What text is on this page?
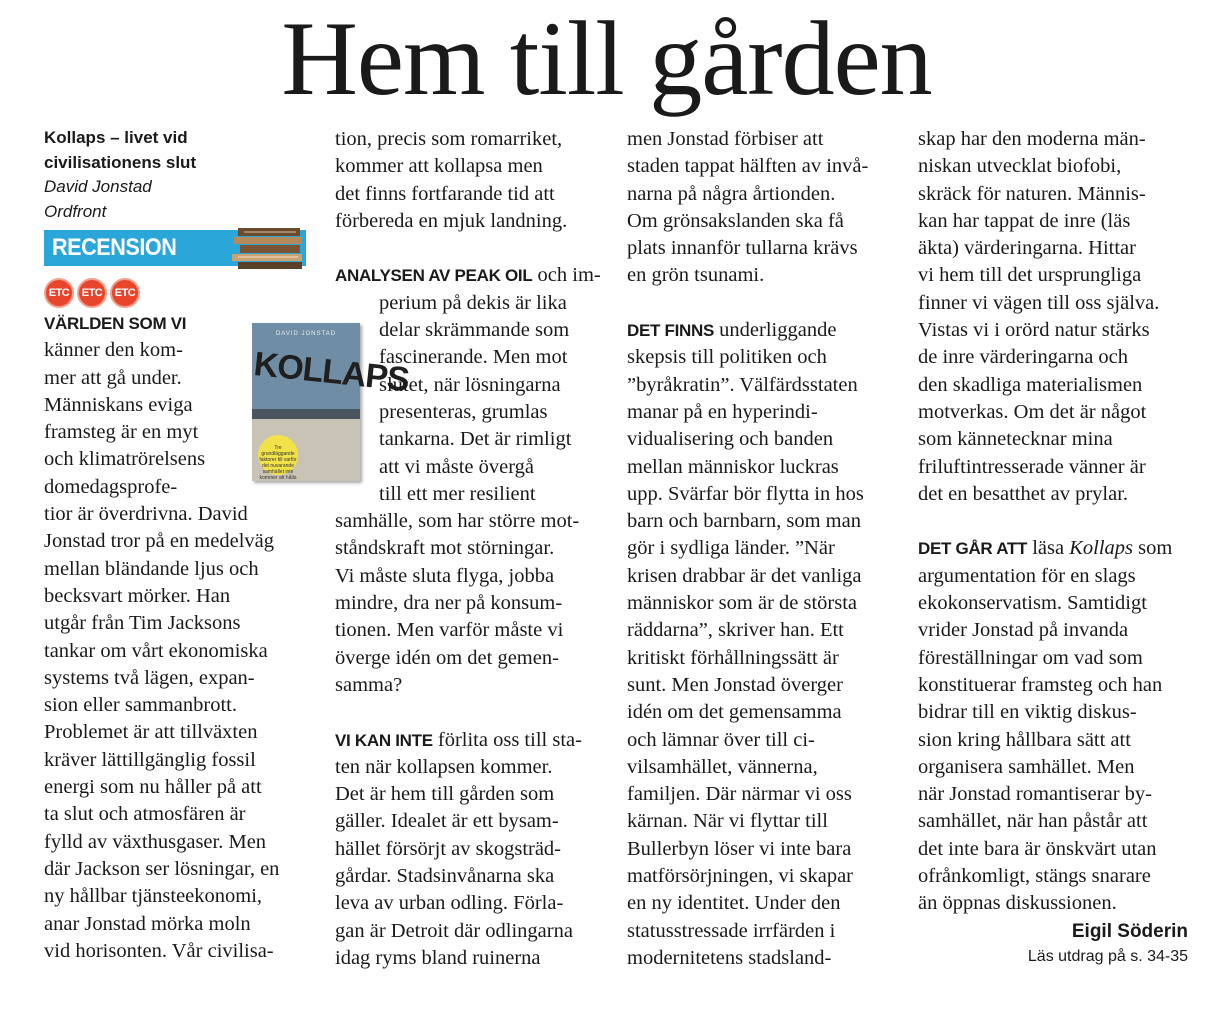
Hem till gården
Kollaps – livet vid
civilisationens slut
David Jonstad
Ordfront
RECENSION
ETC	ETC	ETC
VÄRLDEN SOM VI
känner den kom-
mer att gå under.
Människans eviga
framsteg är en myt
och klimatrörelsens
domedagsprofe-
tior är överdrivna. David
Jonstad tror på en medelväg
mellan bländande ljus och
becksvart mörker. Han
utgår från Tim Jacksons
tankar om vårt ekonomiska
systems två lägen, expan-
sion eller sammanbrott.
Problemet är att tillväxten
kräver lättillgänglig fossil
energi som nu håller på att
ta slut och atmosfären är
fylld av växthusgaser. Men
där Jackson ser lösningar, en
ny hållbar tjänsteekonomi,
anar Jonstad mörka moln
vid horisonten. Vår civilisa-
DAVID JONSTAD
KOLLAPS
Tre grundläggande faktorer till varför det nuvarande samhället inte kommer att hålla
tion, precis som romarriket,
kommer att kollapsa men
det finns fortfarande tid att
förbereda en mjuk landning.
ANALYSEN AV PEAK OIL och im-
perium på dekis är lika
delar skrämmande som
fascinerande. Men mot
slutet, när lösningarna
presenteras, grumlas
tankarna. Det är rimligt
att vi måste övergå
till ett mer resilient
samhälle, som har större mot-
ståndskraft mot störningar.
Vi måste sluta flyga, jobba
mindre, dra ner på konsum-
tionen. Men varför måste vi
överge idén om det gemen-
samma?
VI KAN INTE förlita oss till sta-
ten när kollapsen kommer.
Det är hem till gården som
gäller. Idealet är ett bysam-
hället försörjt av skogsträd-
gårdar. Stadsinvånarna ska
leva av urban odling. Förla-
gan är Detroit där odlingarna
idag ryms bland ruinerna
men Jonstad förbiser att
staden tappat hälften av invå-
narna på några årtionden.
Om grönsakslanden ska få
plats innanför tullarna krävs
en grön tsunami.
DET FINNS underliggande
skepsis till politiken och
”byråkratin”. Välfärdsstaten
manar på en hyperindi-
vidualisering och banden
mellan människor luckras
upp. Svärfar bör flytta in hos
barn och barnbarn, som man
gör i sydliga länder. ”När
krisen drabbar är det vanliga
människor som är de största
räddarna”, skriver han. Ett
kritiskt förhållningssätt är
sunt. Men Jonstad överger
idén om det gemensamma
och lämnar över till ci-
vilsamhället, vännerna,
familjen. Där närmar vi oss
kärnan. När vi flyttar till
Bullerbyn löser vi inte bara
matförsörjningen, vi skapar
en ny identitet. Under den
statusstressade irrfärden i
modernitetens stadsland-
skap har den moderna män-
niskan utvecklat biofobi,
skräck för naturen. Männis-
kan har tappat de inre (läs
äkta) värderingarna. Hittar
vi hem till det ursprungliga
finner vi vägen till oss själva.
Vistas vi i orörd natur stärks
de inre värderingarna och
den skadliga materialismen
motverkas. Om det är något
som kännetecknar mina
friluftintresserade vänner är
det en besatthet av prylar.
DET GÅR ATT läsa Kollaps som
argumentation för en slags
ekokonservatism. Samtidigt
vrider Jonstad på invanda
föreställningar om vad som
konstituerar framsteg och han
bidrar till en viktig diskus-
sion kring hållbara sätt att
organisera samhället. Men
när Jonstad romantiserar by-
samhället, när han påstår att
det inte bara är önskvärt utan
ofrånkomligt, stängs snarare
än öppnas diskussionen.
Eigil Söderin
Läs utdrag på s. 34-35
